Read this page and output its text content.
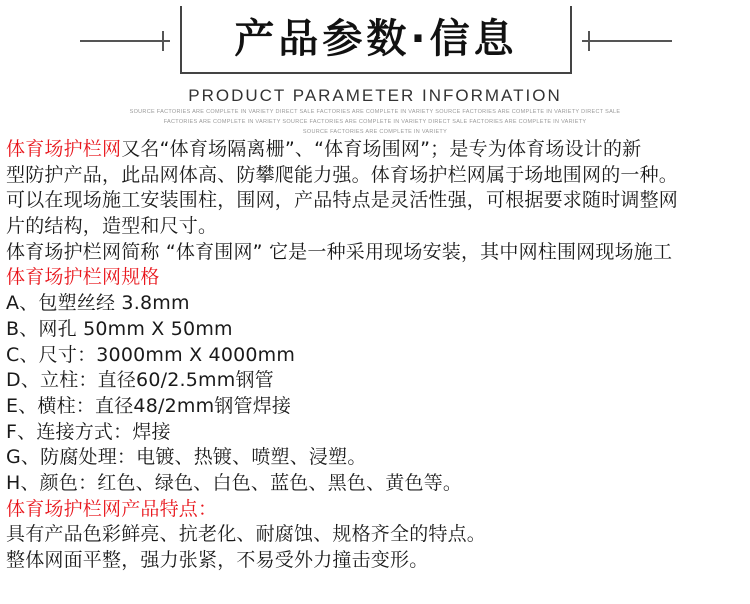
产品参数·信息
PRODUCT PARAMETER INFORMATION
SOURCE FACTORIES ARE COMPLETE IN VARIETY DIRECT SALE FACTORIES ARE COMPLETE IN VARIETY SOURCE FACTORIES ARE COMPLETE IN VARIETY DIRECT SALE
FACTORIES ARE COMPLETE IN VARIETY SOURCE FACTORIES ARE COMPLETE IN VARIETY DIRECT SALE FACTORIES ARE COMPLETE IN VARIETY
SOURCE FACTORIES ARE COMPLETE IN VARIETY
体育场护栏网又名“体育场隔离栅”、“体育场围网”；是专为体育场设计的新
型防护产品，此品网体高、防攀爬能力强。体育场护栏网属于场地围网的一种。
可以在现场施工安装围柱，围网，产品特点是灵活性强，可根据要求随时调整网
片的结构，造型和尺寸。
体育场护栏网简称 “体育围网” 它是一种采用现场安装，其中网柱围网现场施工
体育场护栏网规格
A、包塑丝经 3.8mm
B、网孔 50mm X 50mm
C、尺寸：3000mm X 4000mm
D、立柱：直径60/2.5mm钢管
E、横柱：直径48/2mm钢管焊接
F、连接方式：焊接
G、防腐处理：电镀、热镀、喷塑、浸塑。
H、颜色：红色、绿色、白色、蓝色、黑色、黄色等。
体育场护栏网产品特点：
具有产品色彩鲜亮、抗老化、耐腐蚀、规格齐全的特点。
整体网面平整，强力张紧，不易受外力撞击变形。
